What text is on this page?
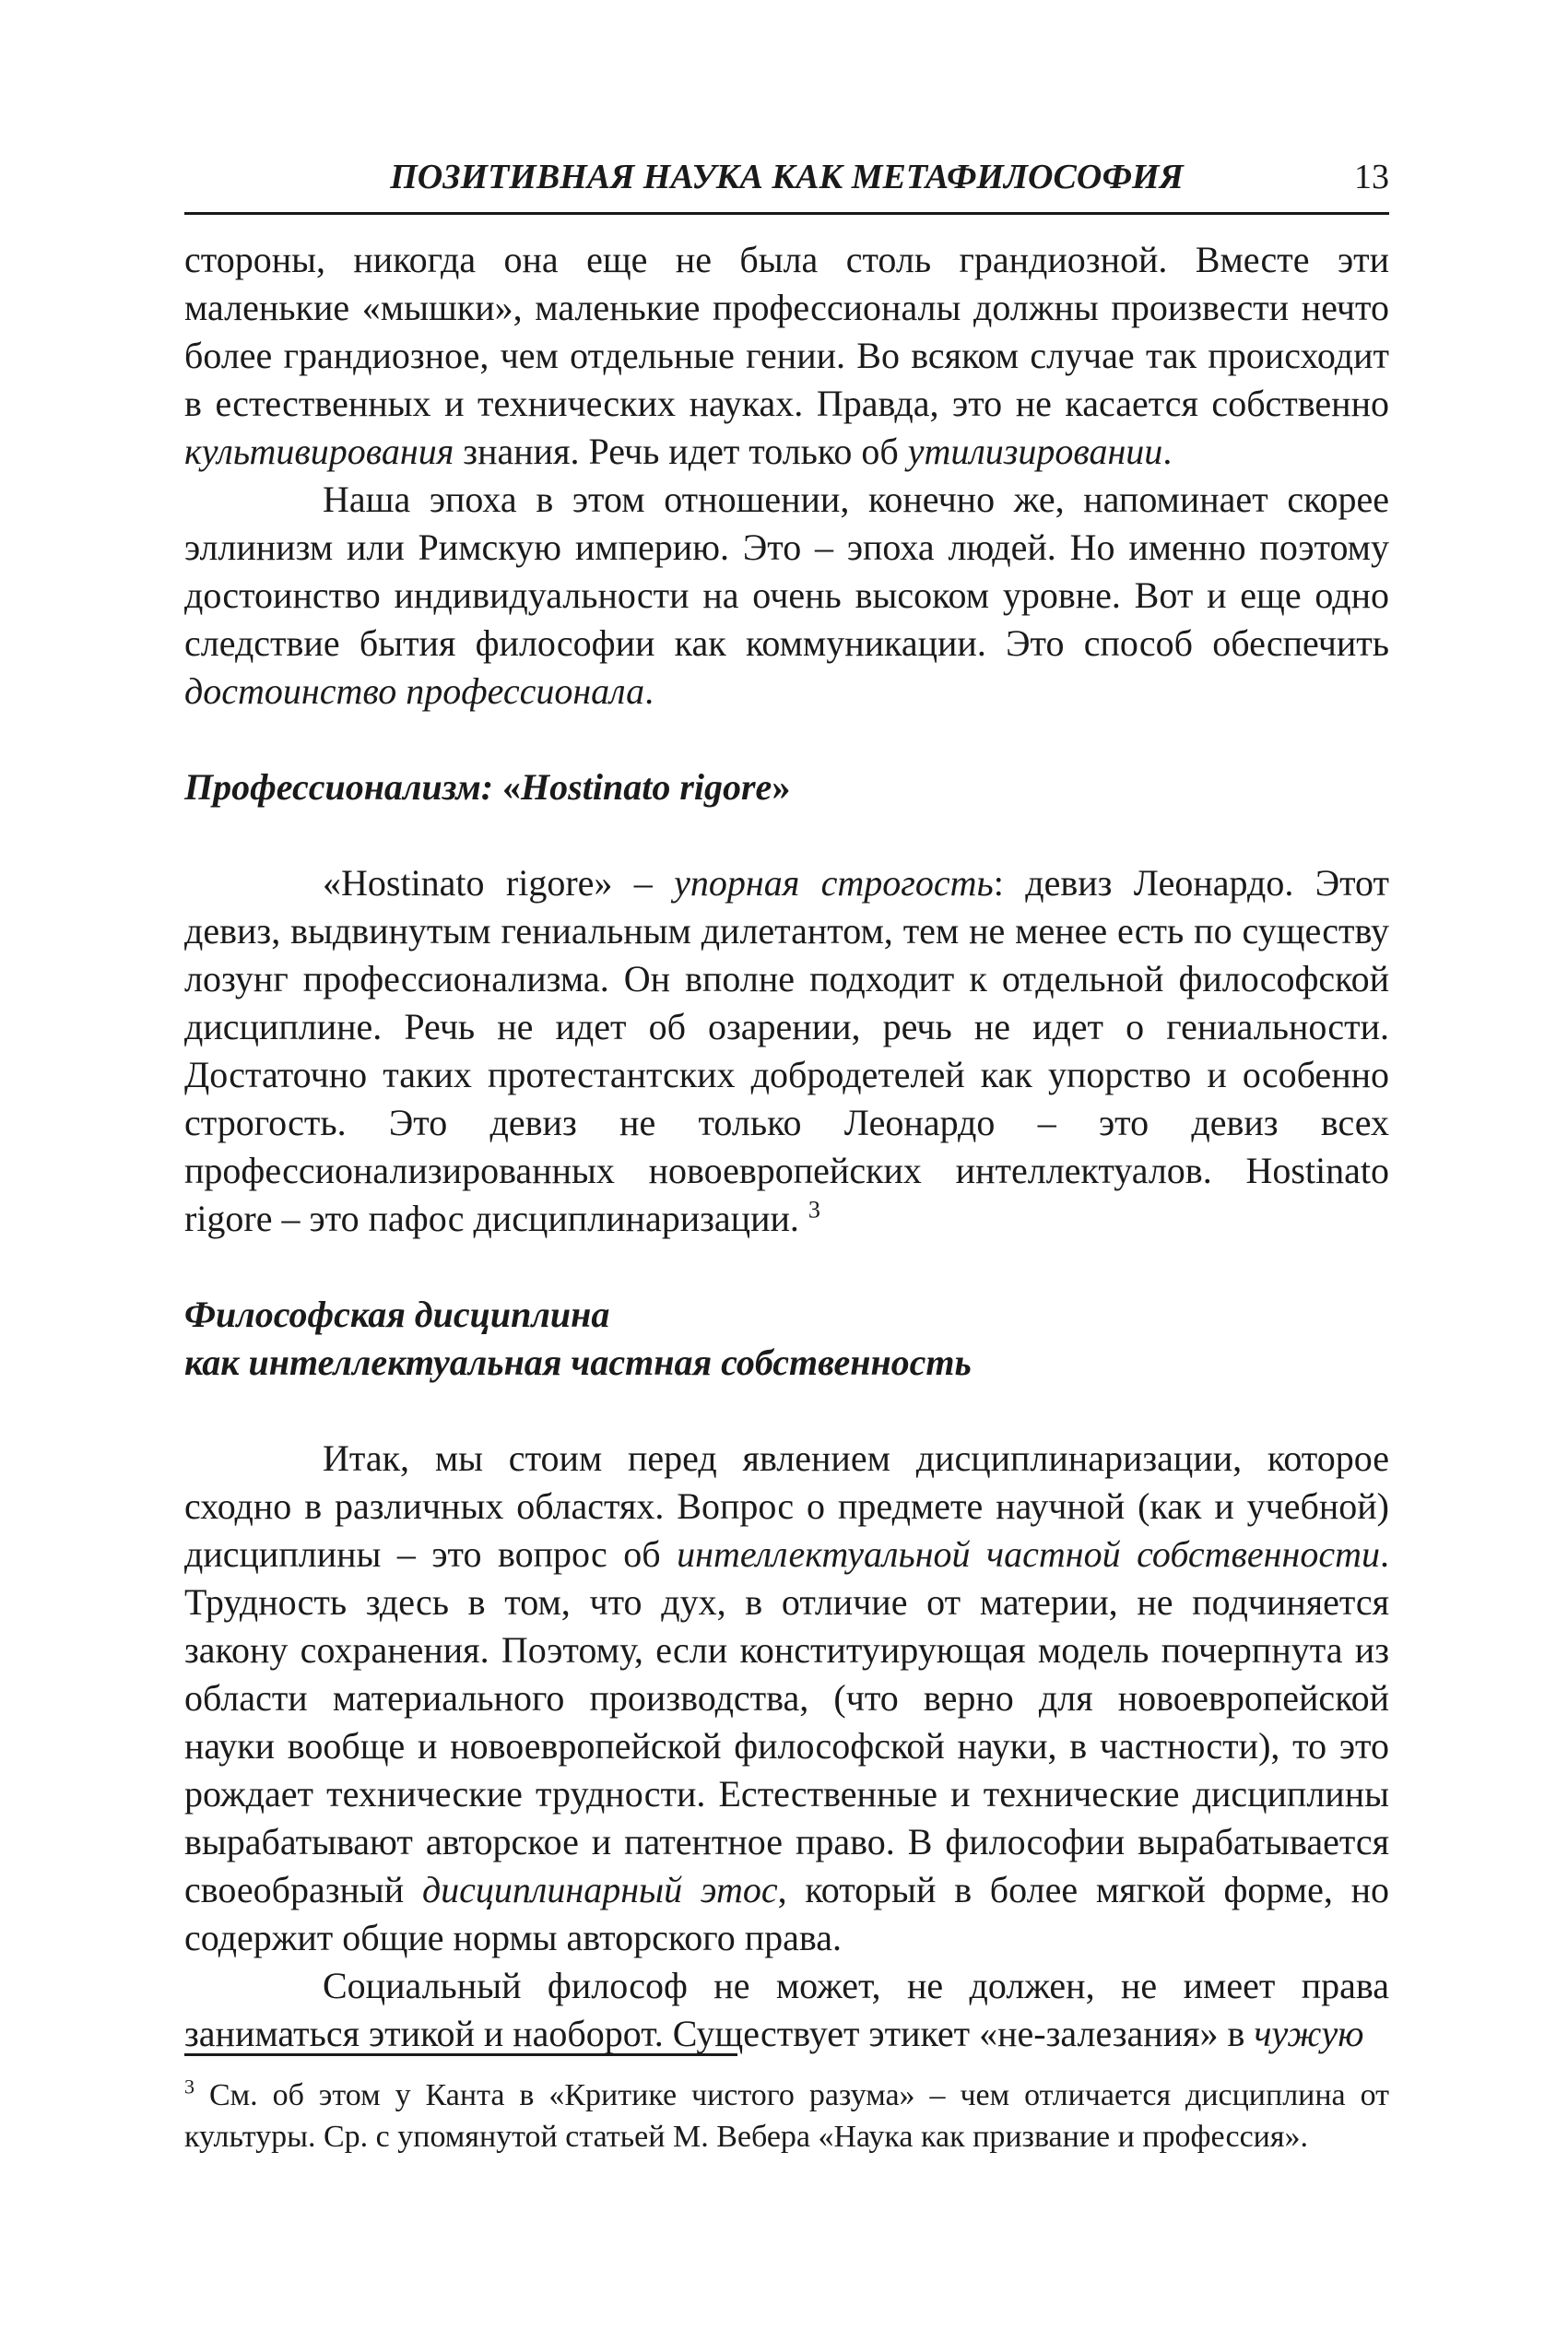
ПОЗИТИВНАЯ НАУКА КАК МЕТАФИЛОСОФИЯ	13

стороны, никогда она еще не была столь грандиозной. Вместе эти маленькие «мышки», маленькие профессионалы должны произвести нечто более грандиозное, чем отдельные гении. Во всяком случае так происходит в естественных и технических науках. Правда, это не касается собственно культивирования знания. Речь идет только об утилизировании.

Наша эпоха в этом отношении, конечно же, напоминает скорее эллинизм или Римскую империю. Это – эпоха людей. Но именно поэтому достоинство индивидуальности на очень высоком уровне. Вот и еще одно следствие бытия философии как коммуникации. Это способ обеспечить достоинство профессионала.

Профессионализм: «Hostinato rigore»

«Hostinato rigore» – упорная строгость: девиз Леонардо. Этот девиз, выдвинутым гениальным дилетантом, тем не менее есть по существу лозунг профессионализма. Он вполне подходит к отдельной философской дисциплине. Речь не идет об озарении, речь не идет о гениальности. Достаточно таких протестантских добродетелей как упорство и особенно строгость. Это девиз не только Леонардо – это девиз всех профессионализированных новоевропейских интеллектуалов. Hostinato rigore – это пафос дисциплинаризации. $^3$

Философская дисциплина

как интеллектуальная частная собственность

Итак, мы стоим перед явлением дисциплинаризации, которое сходно в различных областях. Вопрос о предмете научной (как и учебной) дисциплины – это вопрос об интеллектуальной частной собственности. Трудность здесь в том, что дух, в отличие от материи, не подчиняется закону сохранения. Поэтому, если конституирующая модель почерпнута из области материального производства, (что верно для новоевропейской науки вообще и новоевропейской философской науки, в частности), то это рождает технические трудности. Естественные и технические дисциплины вырабатывают авторское и патентное право. В философии вырабатывается своеобразный дисциплинарный этос, который в более мягкой форме, но содержит общие нормы авторского права.

Социальный философ не может, не должен, не имеет права заниматься этикой и наоборот. Существует этикет «не-залезания» в чужую

$^3$ См. об этом у Канта в «Критике чистого разума» – чем отличается дисциплина от культуры. Ср. с упомянутой статьей М. Вебера «Наука как призвание и профессия».
